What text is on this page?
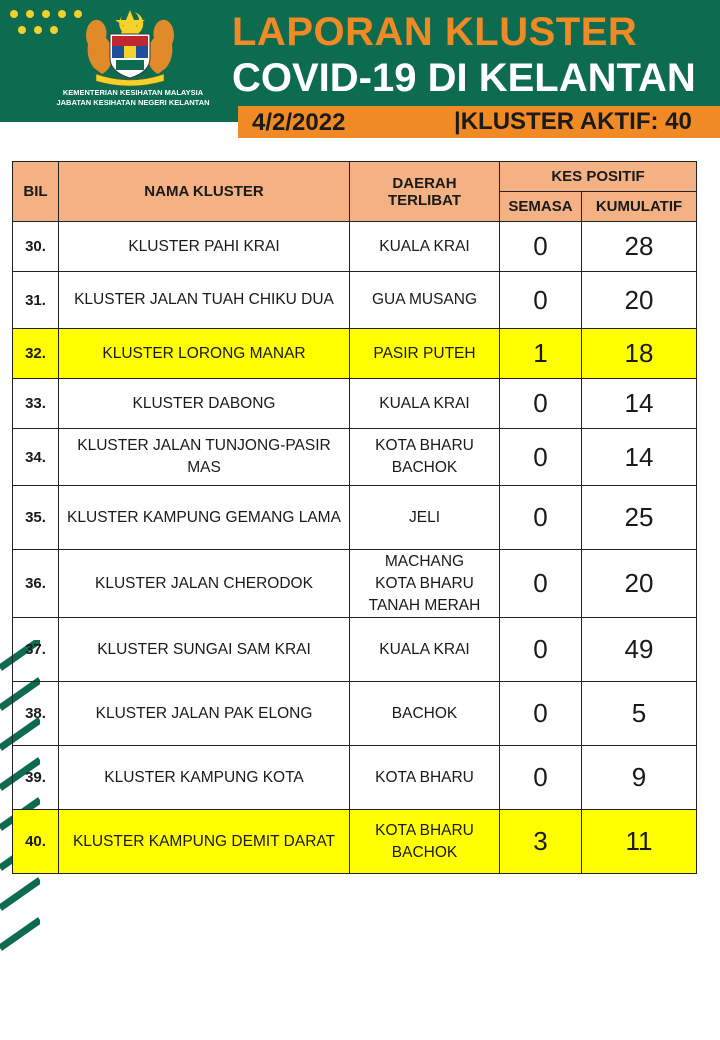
KEMENTERIAN KESIHATAN MALAYSIA
JABATAN KESIHATAN NEGERI KELANTAN
LAPORAN KLUSTER
COVID-19 DI KELANTAN
4/2/2022	|KLUSTER AKTIF: 40
BIL	NAMA KLUSTER	DAERAH
TERLIBAT	KES POSITIF	
			SEMASA	KUMULATIF
30.	KLUSTER PAHI KRAI	KUALA KRAI	0	28
31.	KLUSTER JALAN TUAH CHIKU DUA	GUA MUSANG	0	20
32.	KLUSTER LORONG MANAR	PASIR PUTEH	1	18
33.	KLUSTER DABONG	KUALA KRAI	0	14
34.	KLUSTER JALAN TUNJONG-PASIR
MAS	KOTA BHARU
BACHOK	0	14
35.	KLUSTER KAMPUNG GEMANG LAMA	JELI	0	25
36.	KLUSTER JALAN CHERODOK	MACHANG
KOTA BHARU
TANAH MERAH	0	20
37.	KLUSTER SUNGAI SAM KRAI	KUALA KRAI	0	49
38.	KLUSTER JALAN PAK ELONG	BACHOK	0	5
39.	KLUSTER KAMPUNG KOTA	KOTA BHARU	0	9
40.	KLUSTER KAMPUNG DEMIT DARAT	KOTA BHARU
BACHOK	3	11
